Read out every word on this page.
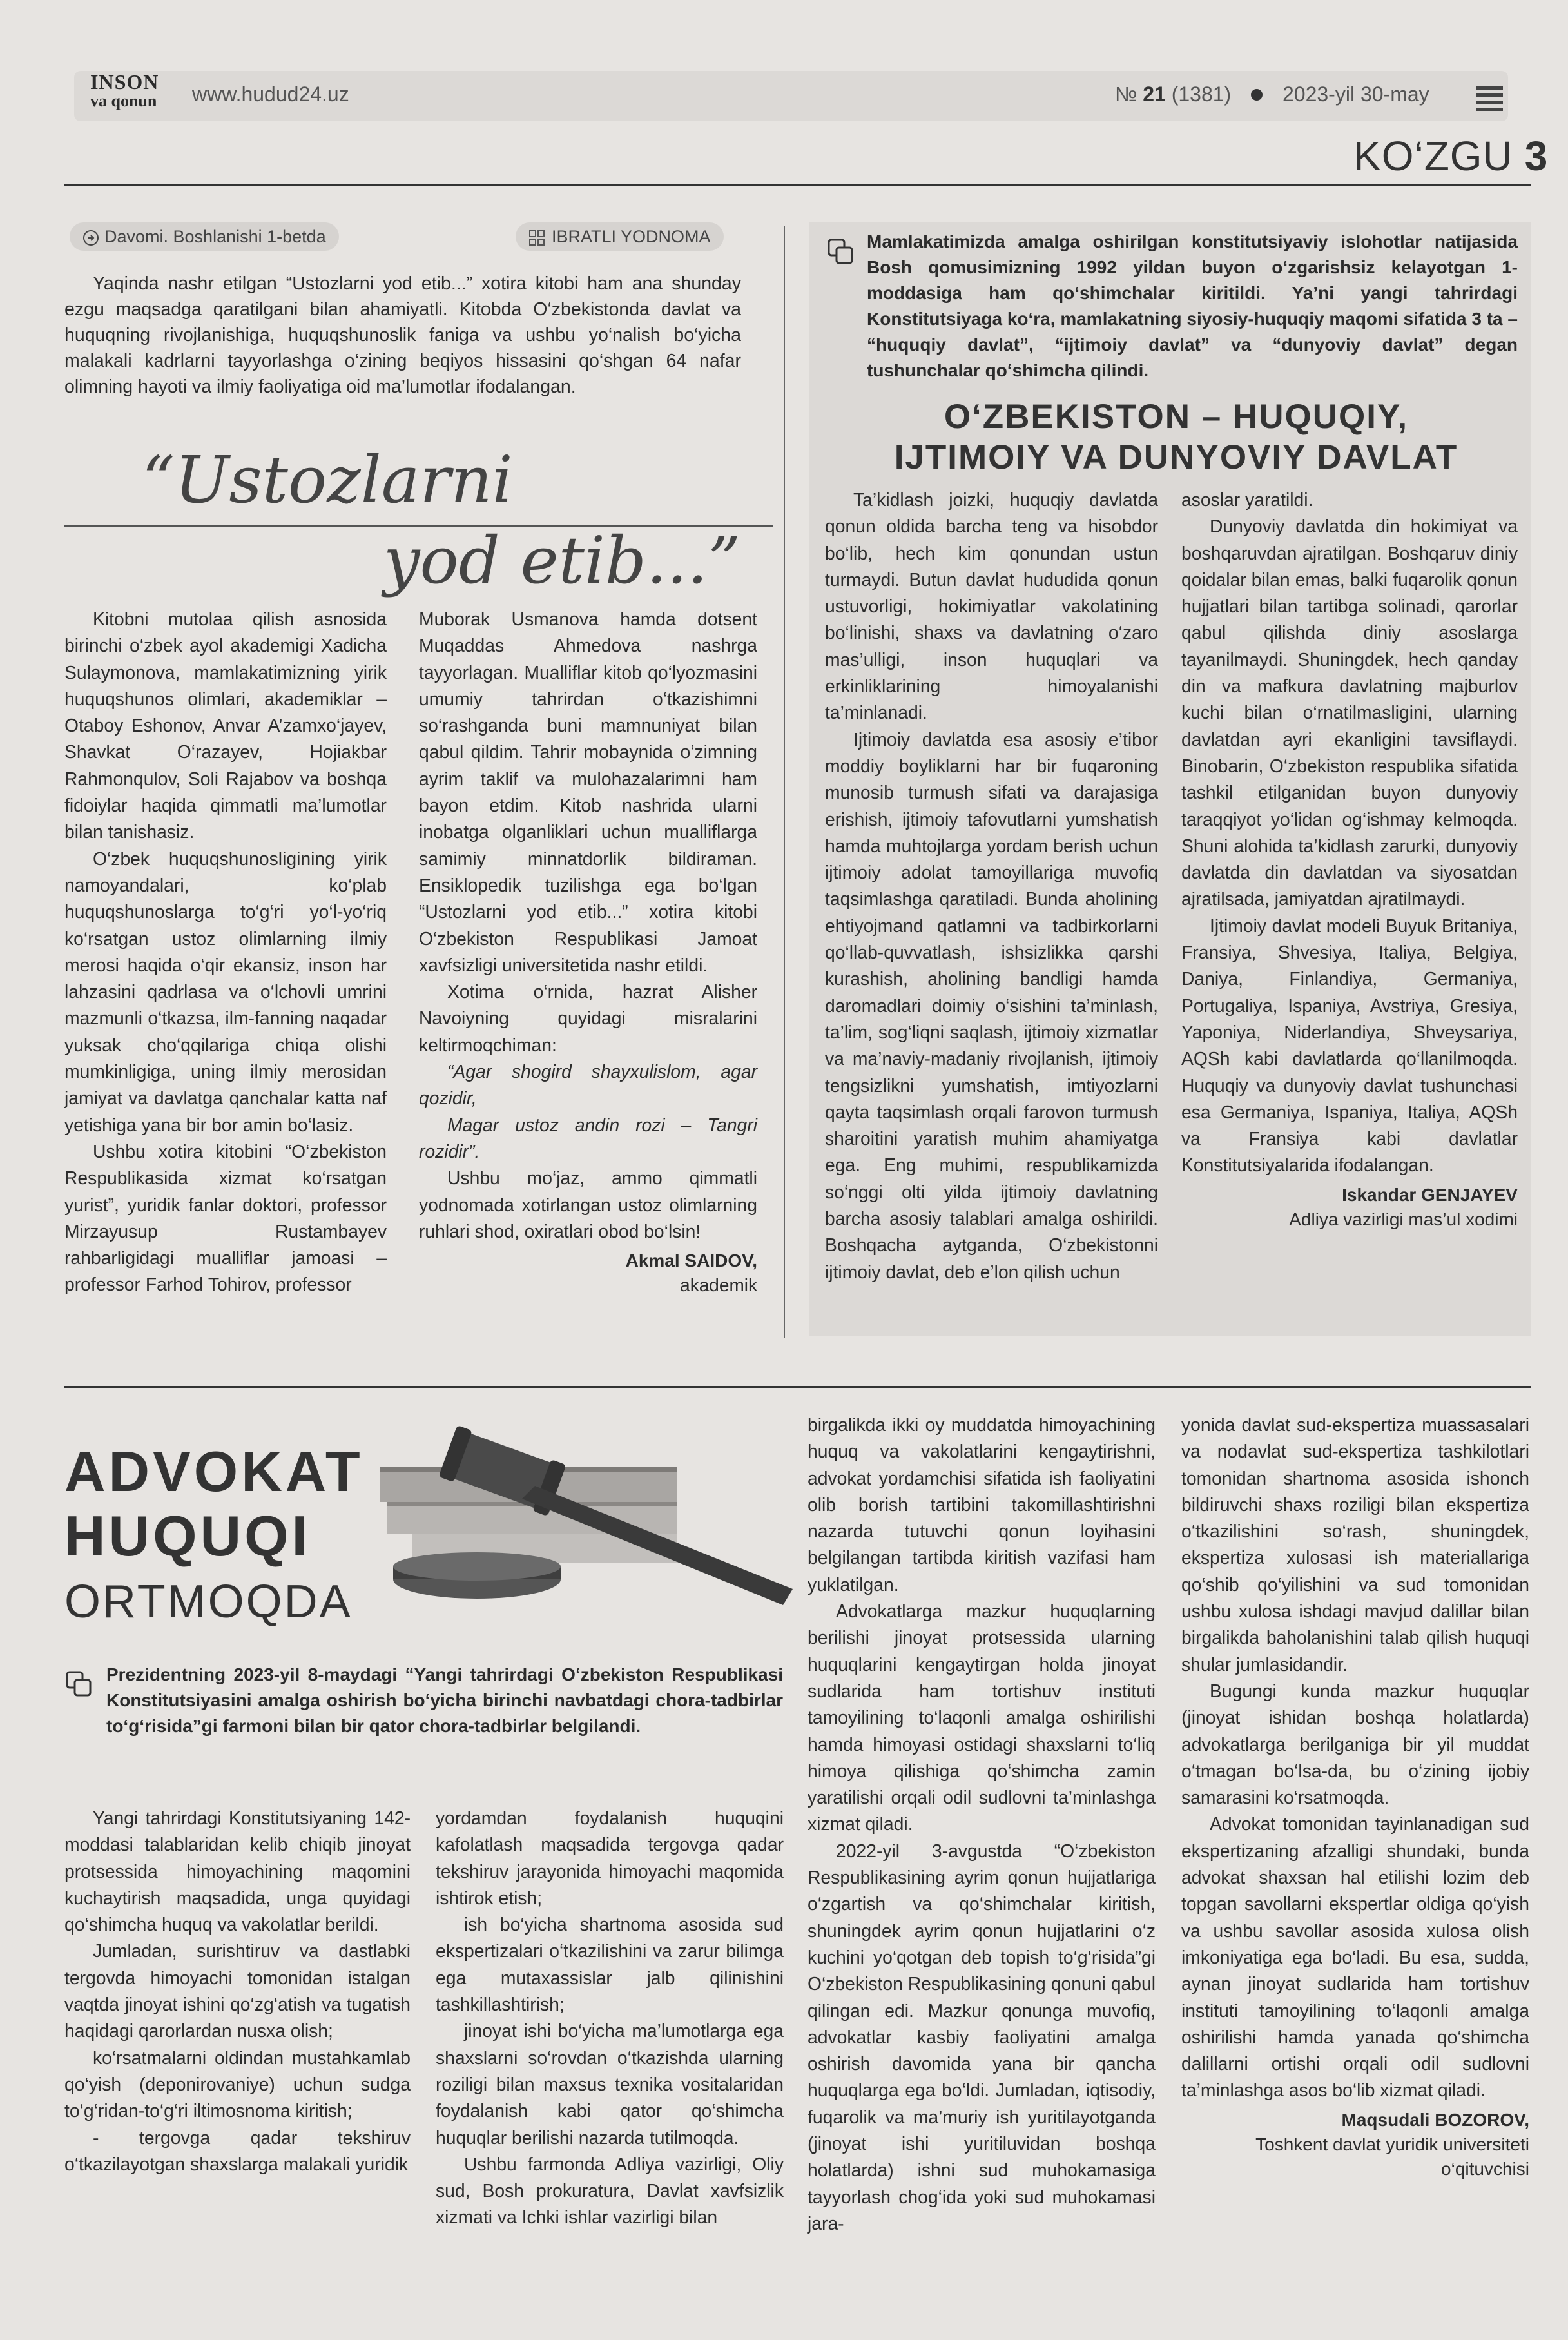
INSON
va qonun	www.hudud24.uz	№ 21 (1381) 2023-yil 30-may
KO‘ZGU 3
Davomi. Boshlanishi 1-betda	IBRATLI YODNOMA
Yaqinda nashr etilgan “Ustozlarni yod etib...” xotira kitobi ham ana shunday ezgu maqsadga qaratilgani bilan ahamiyatli. Kitobda O‘zbekistonda davlat va huquqning rivojlanishiga, huquqshunoslik faniga va ushbu yo‘nalish bo‘yicha malakali kadrlarni tayyorlashga o‘zining beqiyos hissasini qo‘shgan 64 nafar olimning hayoti va ilmiy faoliyatiga oid ma’lumotlar ifodalangan.
“Ustozlarni
yod etib...”

Kitobni mutolaa qilish asnosida birinchi o‘zbek ayol akademigi Xadicha Sulaymonova, mamlakatimizning yirik huquqshunos olimlari, akademiklar – Otaboy Eshonov, Anvar A’zamxo‘jayev, Shavkat O‘razayev, Hojiakbar Rahmonqulov, Soli Rajabov va boshqa fidoiylar haqida qimmatli ma’lumotlar bilan tanishasiz.

O‘zbek huquqshunosligining yirik namoyandalari, ko‘plab huquqshunoslarga to‘g‘ri yo‘l-yo‘riq ko‘rsatgan ustoz olimlarning ilmiy merosi haqida o‘qir ekansiz, inson har lahzasini qadrlasa va o‘lchovli umrini mazmunli o‘tkazsa, ilm-fanning naqadar yuksak cho‘qqilariga chiqa olishi mumkinligiga, uning ilmiy merosidan jamiyat va davlatga qanchalar katta naf yetishiga yana bir bor amin bo‘lasiz.

Ushbu xotira kitobini “O‘zbekiston Respublikasida xizmat ko‘rsatgan yurist”, yuridik fanlar doktori, professor Mirzayusup Rustambayev rahbarligidagi mualliflar jamoasi – professor Farhod Tohirov, professor

Muborak Usmanova hamda dotsent Muqaddas Ahmedova nashrga tayyorlagan. Mualliflar kitob qo‘lyozmasini umumiy tahrirdan o‘tkazishimni so‘rashganda buni mamnuniyat bilan qabul qildim. Tahrir mobaynida o‘zimning ayrim taklif va mulohazalarimni ham bayon etdim. Kitob nashrida ularni inobatga olganliklari uchun mualliflarga samimiy minnatdorlik bildiraman. Ensiklopedik tuzilishga ega bo‘lgan “Ustozlarni yod etib...” xotira kitobi O‘zbekiston Respublikasi Jamoat xavfsizligi universitetida nashr etildi.

Xotima o‘rnida, hazrat Alisher Navoiyning quyidagi misralarini keltirmoqchiman:

“Agar shogird shayxulislom, agar qozidir,

Magar ustoz andin rozi – Tangri rozidir”.

Ushbu mo‘jaz, ammo qimmatli yodnomada xotirlangan ustoz olimlarning ruhlari shod, oxiratlari obod bo‘lsin!

Akmal SAIDOV,
akademik
Mamlakatimizda amalga oshirilgan konstitutsiyaviy islohotlar natijasida Bosh qomusimizning 1992 yildan buyon o‘zgarishsiz kelayotgan 1-moddasiga ham qo‘shimchalar kiritildi. Ya’ni yangi tahrirdagi Konstitutsiyaga ko‘ra, mamlakatning siyosiy-huquqiy maqomi sifatida 3 ta – “huquqiy davlat”, “ijtimoiy davlat” va “dunyoviy davlat” degan tushunchalar qo‘shimcha qilindi.
O‘ZBEKISTON – HUQUQIY,
IJTIMOIY VA DUNYOVIY DAVLAT

Ta’kidlash joizki, huquqiy davlatda qonun oldida barcha teng va hisobdor bo‘lib, hech kim qonundan ustun turmaydi. Butun davlat hududida qonun ustuvorligi, hokimiyatlar vakolatining bo‘linishi, shaxs va davlatning o‘zaro mas’ulligi, inson huquqlari va erkinliklarining himoyalanishi ta’minlanadi.

Ijtimoiy davlatda esa asosiy e’tibor moddiy boyliklarni har bir fuqaroning munosib turmush sifati va darajasiga erishish, ijtimoiy tafovutlarni yumshatish hamda muhtojlarga yordam berish uchun ijtimoiy adolat tamoyillariga muvofiq taqsimlashga qaratiladi. Bunda aholining ehtiyojmand qatlamni va tadbirkorlarni qo‘llab-quvvatlash, ishsizlikka qarshi kurashish, aholining bandligi hamda daromadlari doimiy o‘sishini ta’minlash, ta’lim, sog‘liqni saqlash, ijtimoiy xizmatlar va ma’naviy-madaniy rivojlanish, ijtimoiy tengsizlikni yumshatish, imtiyozlarni qayta taqsimlash orqali farovon turmush sharoitini yaratish muhim ahamiyatga ega. Eng muhimi, respublikamizda so‘nggi olti yilda ijtimoiy davlatning barcha asosiy talablari amalga oshirildi. Boshqacha aytganda, O‘zbekistonni ijtimoiy davlat, deb e’lon qilish uchun

asoslar yaratildi.

Dunyoviy davlatda din hokimiyat va boshqaruvdan ajratilgan. Boshqaruv diniy qoidalar bilan emas, balki fuqarolik qonun hujjatlari bilan tartibga solinadi, qarorlar qabul qilishda diniy asoslarga tayanilmaydi. Shuningdek, hech qanday din va mafkura davlatning majburlov kuchi bilan o‘rnatilmasligini, ularning davlatdan ayri ekanligini tavsiflaydi. Binobarin, O‘zbekiston respublika sifatida tashkil etilganidan buyon dunyoviy taraqqiyot yo‘lidan og‘ishmay kelmoqda. Shuni alohida ta’kidlash zarurki, dunyoviy davlatda din davlatdan va siyosatdan ajratilsada, jamiyatdan ajratilmaydi.

Ijtimoiy davlat modeli Buyuk Britaniya, Fransiya, Shvesiya, Italiya, Belgiya, Daniya, Finlandiya, Germaniya, Portugaliya, Ispaniya, Avstriya, Gresiya, Yaponiya, Niderlandiya, Shveysariya, AQSh kabi davlatlarda qo‘llanilmoqda. Huquqiy va dunyoviy davlat tushunchasi esa Germaniya, Ispaniya, Italiya, AQSh va Fransiya kabi davlatlar Konstitutsiyalarida ifodalangan.

Iskandar GENJAYEV
Adliya vazirligi mas’ul xodimi
ADVOKAT
HUQUQI
ORTMOQDA
Prezidentning 2023-yil 8-maydagi “Yangi tahrirdagi O‘zbekiston Respublikasi Konstitutsiyasini amalga oshirish bo‘yicha birinchi navbatdagi chora-tadbirlar to‘g‘risida”gi farmoni bilan bir qator chora-tadbirlar belgilandi.

Yangi tahrirdagi Konstitutsiyaning 142-moddasi talablaridan kelib chiqib jinoyat protsessida himoyachining maqomini kuchaytirish maqsadida, unga quyidagi qo‘shimcha huquq va vakolatlar berildi.

Jumladan, surishtiruv va dastlabki tergovda himoyachi tomonidan istalgan vaqtda jinoyat ishini qo‘zg‘atish va tugatish haqidagi qarorlardan nusxa olish;

ko‘rsatmalarni oldindan mustahkamlab qo‘yish (deponirovaniye) uchun sudga to‘g‘ridan-to‘g‘ri iltimosnoma kiritish;

- tergovga qadar tekshiruv o‘tkazilayotgan shaxslarga malakali yuridik

yordamdan foydalanish huquqini kafolatlash maqsadida tergovga qadar tekshiruv jarayonida himoyachi maqomida ishtirok etish;

ish bo‘yicha shartnoma asosida sud ekspertizalari o‘tkazilishini va zarur bilimga ega mutaxassislar jalb qilinishini tashkillashtirish;

jinoyat ishi bo‘yicha ma’lumotlarga ega shaxslarni so‘rovdan o‘tkazishda ularning roziligi bilan maxsus texnika vositalaridan foydalanish kabi qator qo‘shimcha huquqlar berilishi nazarda tutilmoqda.

Ushbu farmonda Adliya vazirligi, Oliy sud, Bosh prokuratura, Davlat xavfsizlik xizmati va Ichki ishlar vazirligi bilan

birgalikda ikki oy muddatda himoyachining huquq va vakolatlarini kengaytirishni, advokat yordamchisi sifatida ish faoliyatini olib borish tartibini takomillashtirishni nazarda tutuvchi qonun loyihasini belgilangan tartibda kiritish vazifasi ham yuklatilgan.

Advokatlarga mazkur huquqlarning berilishi jinoyat protsessida ularning huquqlarini kengaytirgan holda jinoyat sudlarida ham tortishuv instituti tamoyilining to‘laqonli amalga oshirilishi hamda himoyasi ostidagi shaxslarni to‘liq himoya qilishiga qo‘shimcha zamin yaratilishi orqali odil sudlovni ta’minlashga xizmat qiladi.

2022-yil 3-avgustda “O‘zbekiston Respublikasining ayrim qonun hujjatlariga o‘zgartish va qo‘shimchalar kiritish, shuningdek ayrim qonun hujjatlarini o‘z kuchini yo‘qotgan deb topish to‘g‘risida”gi O‘zbekiston Respublikasining qonuni qabul qilingan edi. Mazkur qonunga muvofiq, advokatlar kasbiy faoliyatini amalga oshirish davomida yana bir qancha huquqlarga ega bo‘ldi. Jumladan, iqtisodiy, fuqarolik va ma’muriy ish yuritilayotganda (jinoyat ishi yuritiluvidan boshqa holatlarda) ishni sud muhokamasiga tayyorlash chog‘ida yoki sud muhokamasi jara-

yonida davlat sud-ekspertiza muassasalari va nodavlat sud-ekspertiza tashkilotlari tomonidan shartnoma asosida ishonch bildiruvchi shaxs roziligi bilan ekspertiza o‘tkazilishini so‘rash, shuningdek, ekspertiza xulosasi ish materiallariga qo‘shib qo‘yilishini va sud tomonidan ushbu xulosa ishdagi mavjud dalillar bilan birgalikda baholanishini talab qilish huquqi shular jumlasidandir.

Bugungi kunda mazkur huquqlar (jinoyat ishidan boshqa holatlarda) advokatlarga berilganiga bir yil muddat o‘tmagan bo‘lsa-da, bu o‘zining ijobiy samarasini ko‘rsatmoqda.

Advokat tomonidan tayinlanadigan sud ekspertizaning afzalligi shundaki, bunda advokat shaxsan hal etilishi lozim deb topgan savollarni ekspertlar oldiga qo‘yish va ushbu savollar asosida xulosa olish imkoniyatiga ega bo‘ladi. Bu esa, sudda, aynan jinoyat sudlarida ham tortishuv instituti tamoyilining to‘laqonli amalga oshirilishi hamda yanada qo‘shimcha dalillarni ortishi orqali odil sudlovni ta’minlashga asos bo‘lib xizmat qiladi.

Maqsudali BOZOROV,
Toshkent davlat yuridik universiteti
o‘qituvchisi
